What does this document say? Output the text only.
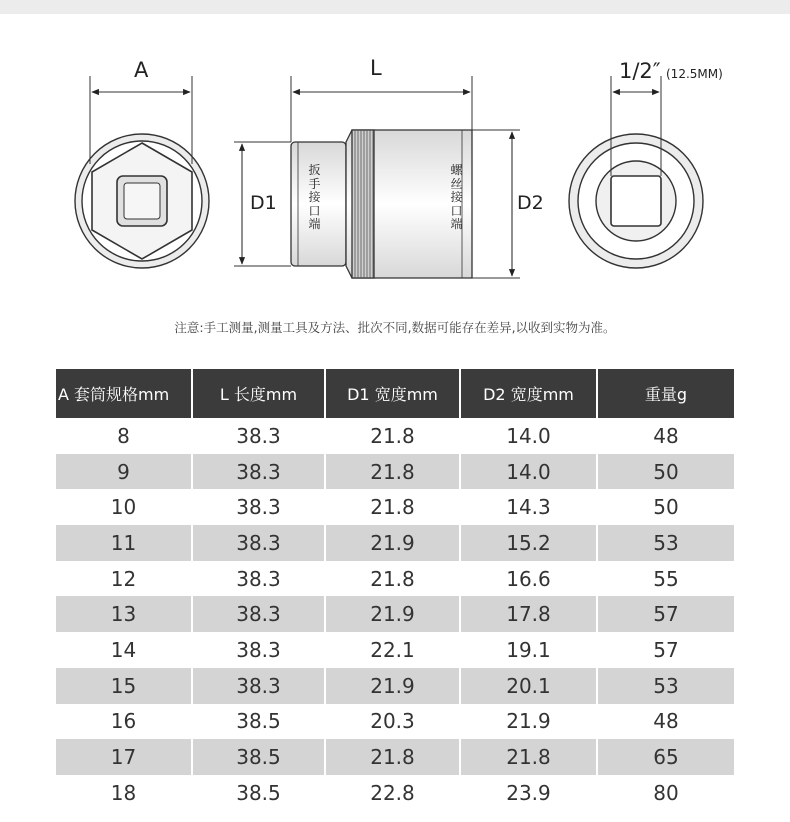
A	L	1/2″ (12.5MM)
D1	D2
扳手接口端
螺丝接口端
注意:手工测量,测量工具及方法、批次不同,数据可能存在差异,以收到实物为准。
A 套筒规格mm	L 长度mm	D1 宽度mm	D2 宽度mm	重量g
8	38.3	21.8	14.0	48
9	38.3	21.8	14.0	50
10	38.3	21.8	14.3	50
11	38.3	21.9	15.2	53
12	38.3	21.8	16.6	55
13	38.3	21.9	17.8	57
14	38.3	22.1	19.1	57
15	38.3	21.9	20.1	53
16	38.5	20.3	21.9	48
17	38.5	21.8	21.8	65
18	38.5	22.8	23.9	80
